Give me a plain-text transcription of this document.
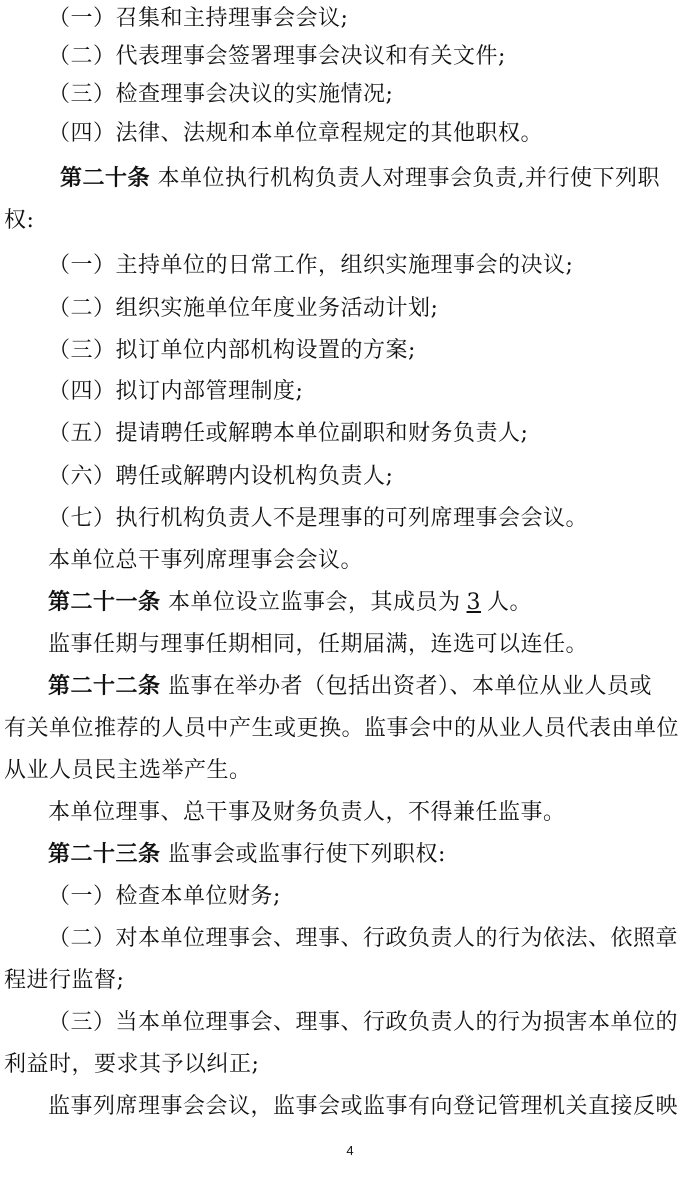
（一）召集和主持理事会会议;
（二）代表理事会签署理事会决议和有关文件;
（三）检查理事会决议的实施情况;
（四）法律、法规和本单位章程规定的其他职权。
第二十条 本单位执行机构负责人对理事会负责,并行使下列职
权:
（一）主持单位的日常工作，组织实施理事会的决议;
（二）组织实施单位年度业务活动计划;
（三）拟订单位内部机构设置的方案;
（四）拟订内部管理制度;
（五）提请聘任或解聘本单位副职和财务负责人;
（六）聘任或解聘内设机构负责人;
（七）执行机构负责人不是理事的可列席理事会会议。
本单位总干事列席理事会会议。
第二十一条 本单位设立监事会，其成员为 3 人。
监事任期与理事任期相同，任期届满，连选可以连任。
第二十二条 监事在举办者（包括出资者）、本单位从业人员或
有关单位推荐的人员中产生或更换。监事会中的从业人员代表由单位
从业人员民主选举产生。
本单位理事、总干事及财务负责人，不得兼任监事。
第二十三条 监事会或监事行使下列职权:
（一）检查本单位财务;
（二）对本单位理事会、理事、行政负责人的行为依法、依照章
程进行监督;
（三）当本单位理事会、理事、行政负责人的行为损害本单位的
利益时，要求其予以纠正;
监事列席理事会会议，监事会或监事有向登记管理机关直接反映
4
